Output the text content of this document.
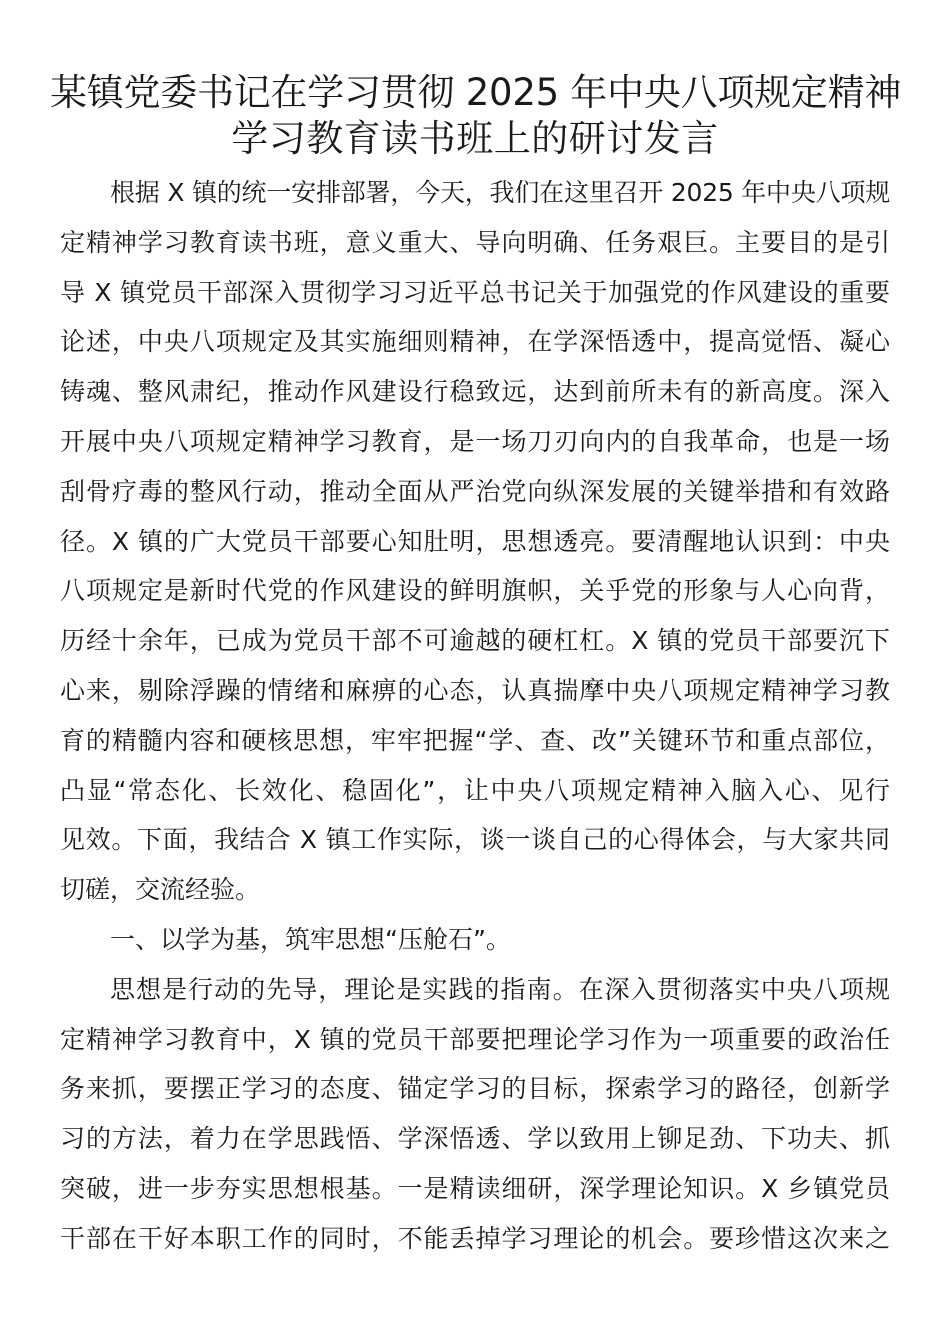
某镇党委书记在学习贯彻 2025 年中央八项规定精神
学习教育读书班上的研讨发言
根据 X 镇的统一安排部署，今天，我们在这里召开 2025 年中央八项规
定精神学习教育读书班，意义重大、导向明确、任务艰巨。主要目的是引
导 X 镇党员干部深入贯彻学习习近平总书记关于加强党的作风建设的重要
论述，中央八项规定及其实施细则精神，在学深悟透中，提高觉悟、凝心
铸魂、整风肃纪，推动作风建设行稳致远，达到前所未有的新高度。深入
开展中央八项规定精神学习教育，是一场刀刃向内的自我革命，也是一场
刮骨疗毒的整风行动，推动全面从严治党向纵深发展的关键举措和有效路
径。X 镇的广大党员干部要心知肚明，思想透亮。要清醒地认识到：中央
八项规定是新时代党的作风建设的鲜明旗帜，关乎党的形象与人心向背，
历经十余年，已成为党员干部不可逾越的硬杠杠。X 镇的党员干部要沉下
心来，剔除浮躁的情绪和麻痹的心态，认真揣摩中央八项规定精神学习教
育的精髓内容和硬核思想，牢牢把握“学、查、改”关键环节和重点部位，
凸显“常态化、长效化、稳固化”，让中央八项规定精神入脑入心、见行
见效。下面，我结合 X 镇工作实际，谈一谈自己的心得体会，与大家共同
切磋，交流经验。
一、以学为基，筑牢思想“压舱石”。
思想是行动的先导，理论是实践的指南。在深入贯彻落实中央八项规
定精神学习教育中，X 镇的党员干部要把理论学习作为一项重要的政治任
务来抓，要摆正学习的态度、锚定学习的目标，探索学习的路径，创新学
习的方法，着力在学思践悟、学深悟透、学以致用上铆足劲、下功夫、抓
突破，进一步夯实思想根基。一是精读细研，深学理论知识。X 乡镇党员
干部在干好本职工作的同时，不能丢掉学习理论的机会。要珍惜这次来之
